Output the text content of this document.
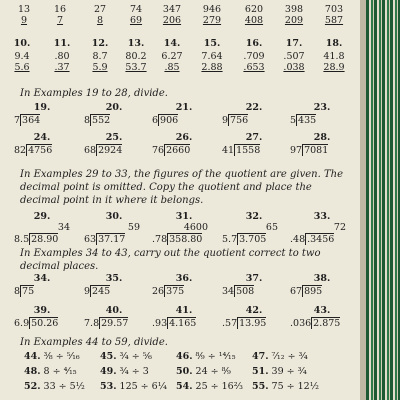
13
9
16
7
27
8
74
69
347
206
946
279
620
408
398
209
703
587
10.
9.4
5.6
11.
.80
.37
12.
8.7
5.9
13.
80.2
53.7
14.
6.27
.85
15.
7.64
2.88
16.
.709
.653
17.
.507
.038
18.
41.8
28.9
In Examples 19 to 28, divide.
19.
7 364
20.
8 552
21.
6 906
22.
9 756
23.
5 435
24.
82 4756
25.
68 2924
26.
76 2660
27.
41 1558
28.
97 7081
In Examples 29 to 33, the figures of the quotient are given. The decimal point is omitted. Copy the quotient and place the decimal point in it where it belongs.
29.
34
8.5 28.90
30.
59
63 37.17
31.
4600
.78 358.80
32.
65
5.7 3.705
33.
72
.48 .3456
In Examples 34 to 43, carry out the quotient correct to two decimal places.
34.
8 75
35.
9 245
36.
26 375
37.
34 508
38.
67 895
39.
6.9 50.26
40.
7.8 29.57
41.
.93 4.165
42.
.57 13.95
43.
.036 2.875
In Examples 44 to 59, divide.
44. ³⁄₈ ÷ ⁵⁄₁₆ 45. ³⁄₄ ÷ ⁵⁄₆	46. ⁸⁄₉ ÷ ¹⁴⁄₁₅ 47. ⁷⁄₁₂ ÷ ³⁄₄
48. 8 ÷ ⁴⁄₁₅ 49. ³⁄₄ ÷ 3	50. 24 ÷ ⁸⁄₉ 51. 39 ÷ ³⁄₄
52. 33 ÷ 5½ 53. 125 ÷ 6¼ 54. 25 ÷ 16⅔ 55. 75 ÷ 12½
